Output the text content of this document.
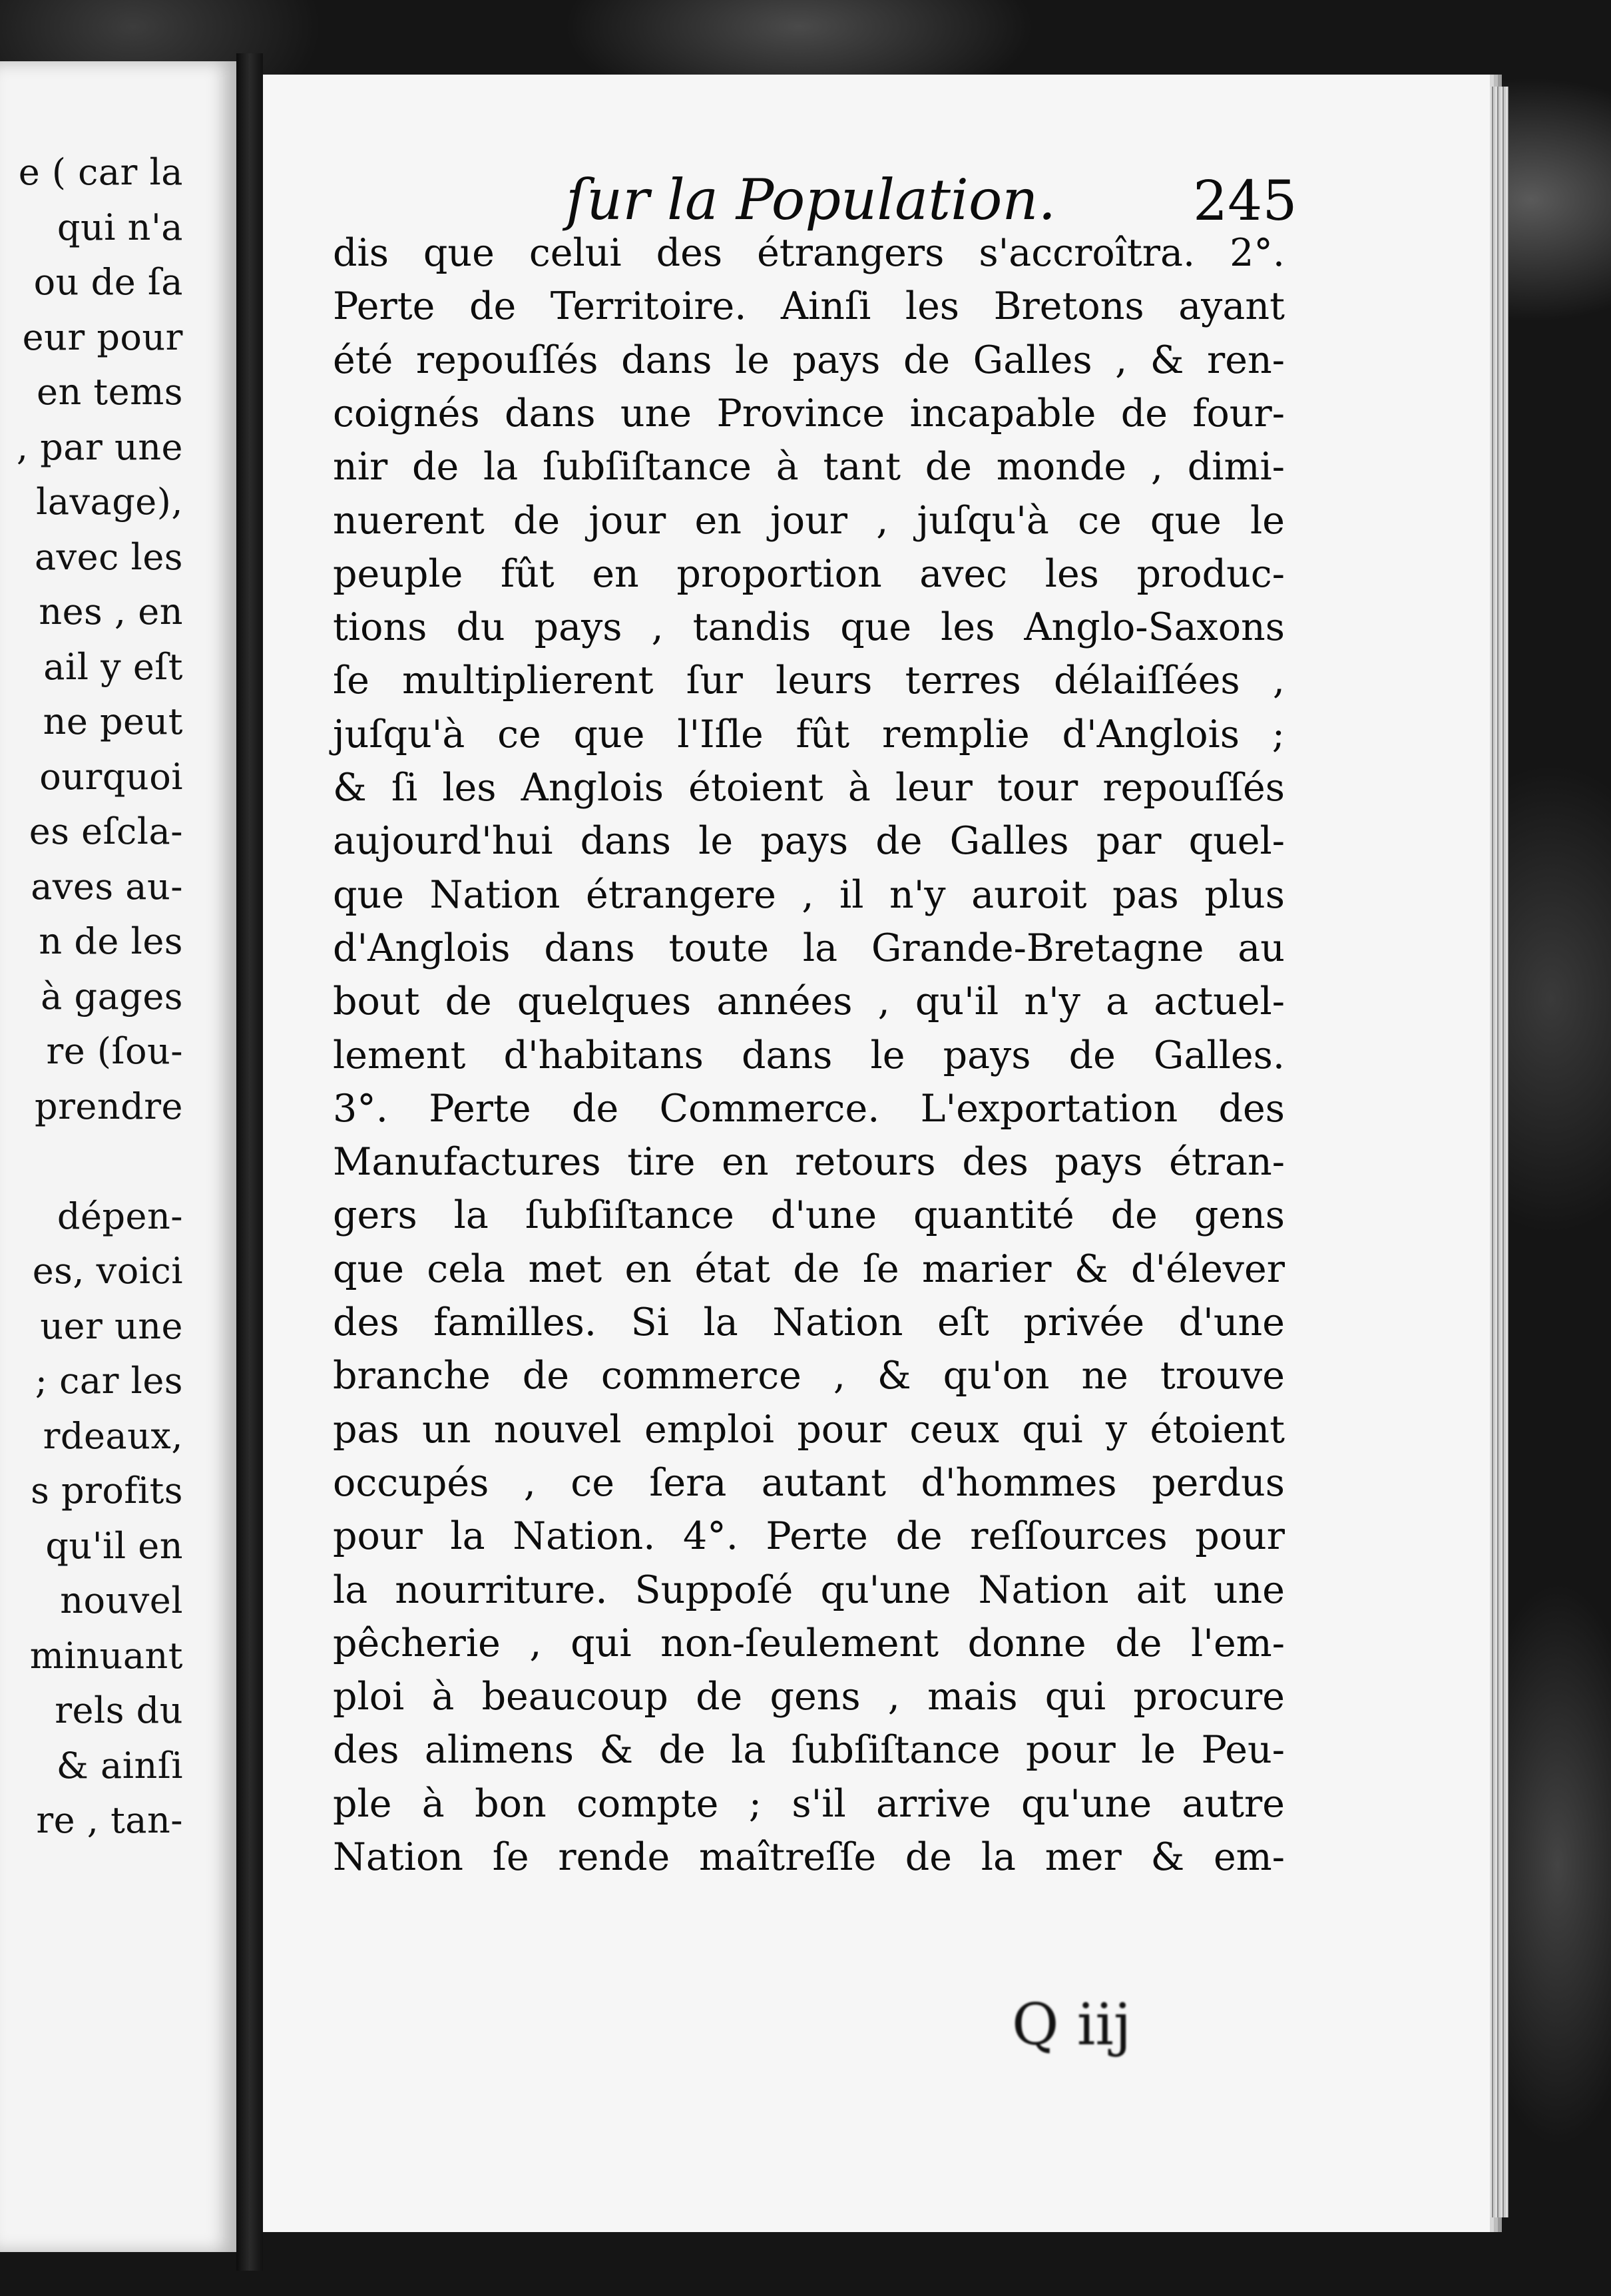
e ( car la
qui n'a
ou de ſa
eur pour
en tems
, par une
lavage),
avec les
nes , en
ail y eſt
ne peut
ourquoi
es eſcla-
aves au-
n de les
à gages
re (ſou-
prendre
dépen-
es, voici
uer une
; car les
rdeaux,
s profits
qu'il en
nouvel
minuant
rels du
& ainſi
re , tan-
ſur la Population.	245
dis que celui des étrangers s'accroîtra. 2°.
Perte de Territoire. Ainſi les Bretons ayant
été repouſſés dans le pays de Galles , & ren-
coignés dans une Province incapable de four-
nir de la ſubſiſtance à tant de monde , dimi-
nuerent de jour en jour , juſqu'à ce que le
peuple fût en proportion avec les produc-
tions du pays , tandis que les Anglo-Saxons
ſe multiplierent ſur leurs terres délaiſſées ,
juſqu'à ce que l'Iſle fût remplie d'Anglois ;
& ſi les Anglois étoient à leur tour repouſſés
aujourd'hui dans le pays de Galles par quel-
que Nation étrangere , il n'y auroit pas plus
d'Anglois dans toute la Grande-Bretagne au
bout de quelques années , qu'il n'y a actuel-
lement d'habitans dans le pays de Galles.
3°. Perte de Commerce. L'exportation des
Manufactures tire en retours des pays étran-
gers la ſubſiſtance d'une quantité de gens
que cela met en état de ſe marier & d'élever
des familles. Si la Nation eſt privée d'une
branche de commerce , & qu'on ne trouve
pas un nouvel emploi pour ceux qui y étoient
occupés , ce ſera autant d'hommes perdus
pour la Nation. 4°. Perte de reſſources pour
la nourriture. Suppoſé qu'une Nation ait une
pêcherie , qui non-ſeulement donne de l'em-
ploi à beaucoup de gens , mais qui procure
des alimens & de la ſubſiſtance pour le Peu-
ple à bon compte ; s'il arrive qu'une autre
Nation ſe rende maîtreſſe de la mer & em-
Q iij
